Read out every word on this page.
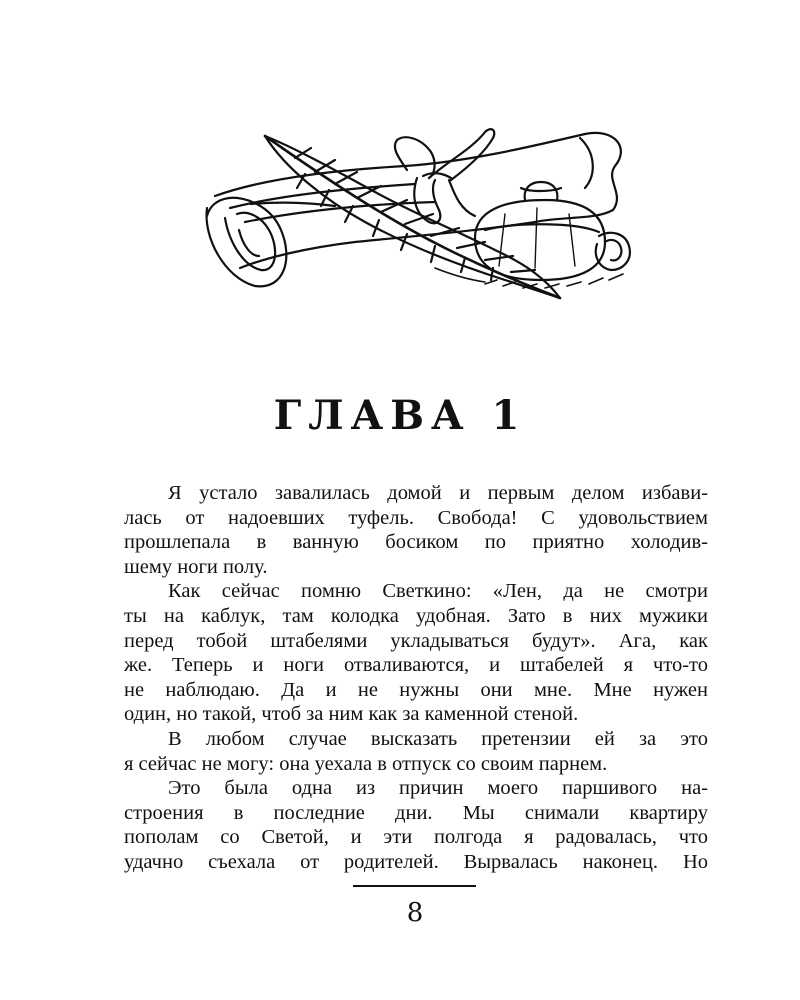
ГЛАВА 1
Я устало завалилась домой и первым делом избави-
лась от надоевших туфель. Свобода! С удовольствием
прошлепала в ванную босиком по приятно холодив-
шему ноги полу.
Как сейчас помню Светкино: «Лен, да не смотри
ты на каблук, там колодка удобная. Зато в них мужики
перед тобой штабелями укладываться будут». Ага, как
же. Теперь и ноги отваливаются, и штабелей я что-то
не наблюдаю. Да и не нужны они мне. Мне нужен
один, но такой, чтоб за ним как за каменной стеной.
В любом случае высказать претензии ей за это
я сейчас не могу: она уехала в отпуск со своим парнем.
Это была одна из причин моего паршивого на-
строения в последние дни. Мы снимали квартиру
пополам со Светой, и эти полгода я радовалась, что
удачно съехала от родителей. Вырвалась наконец. Но
8
